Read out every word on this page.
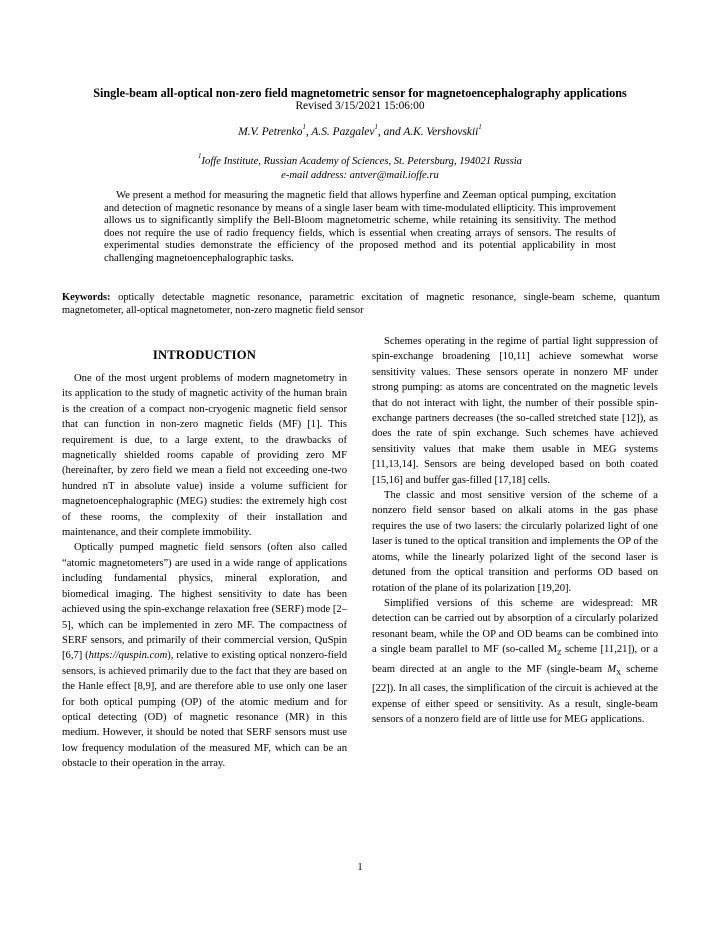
Single-beam all-optical non-zero field magnetometric sensor for magnetoencephalography applications
Revised 3/15/2021 15:06:00
M.V. Petrenko$^1$, A.S. Pazgalev$^1$, and A.K. Vershovskii$^1$
$^1$Ioffe Institute, Russian Academy of Sciences, St. Petersburg, 194021 Russia
e-mail address: antver@mail.ioffe.ru

We present a method for measuring the magnetic field that allows hyperfine and Zeeman optical pumping, excitation and detection of magnetic resonance by means of a single laser beam with time-modulated ellipticity. This improvement allows us to significantly simplify the Bell-Bloom magnetometric scheme, while retaining its sensitivity. The method does not require the use of radio frequency fields, which is essential when creating arrays of sensors. The results of experimental studies demonstrate the efficiency of the proposed method and its potential applicability in most challenging magnetoencephalographic tasks.

Keywords: optically detectable magnetic resonance, parametric excitation of magnetic resonance, single-beam scheme, quantum magnetometer, all-optical magnetometer, non-zero magnetic field sensor
INTRODUCTION

One of the most urgent problems of modern magnetometry in its application to the study of magnetic activity of the human brain is the creation of a compact non-cryogenic magnetic field sensor that can function in non-zero magnetic fields (MF) [1]. This requirement is due, to a large extent, to the drawbacks of magnetically shielded rooms capable of providing zero MF (hereinafter, by zero field we mean a field not exceeding one-two hundred nT in absolute value) inside a volume sufficient for magnetoencephalographic (MEG) studies: the extremely high cost of these rooms, the complexity of their installation and maintenance, and their complete immobility.

Optically pumped magnetic field sensors (often also called “atomic magnetometers”) are used in a wide range of applications including fundamental physics, mineral exploration, and biomedical imaging. The highest sensitivity to date has been achieved using the spin-exchange relaxation free (SERF) mode [2–5], which can be implemented in zero MF. The compactness of SERF sensors, and primarily of their commercial version, QuSpin [6,7] (https://quspin.com), relative to existing optical nonzero-field sensors, is achieved primarily due to the fact that they are based on the Hanle effect [8,9], and are therefore able to use only one laser for both optical pumping (OP) of the atomic medium and for optical detecting (OD) of magnetic resonance (MR) in this medium. However, it should be noted that SERF sensors must use low frequency modulation of the measured MF, which can be an obstacle to their operation in the array.

Schemes operating in the regime of partial light suppression of spin-exchange broadening [10,11] achieve somewhat worse sensitivity values. These sensors operate in nonzero MF under strong pumping: as atoms are concentrated on the magnetic levels that do not interact with light, the number of their possible spin-exchange partners decreases (the so-called stretched state [12]), as does the rate of spin exchange. Such schemes have achieved sensitivity values that make them usable in MEG systems [11,13,14]. Sensors are being developed based on both coated [15,16] and buffer gas-filled [17,18] cells.

The classic and most sensitive version of the scheme of a nonzero field sensor based on alkali atoms in the gas phase requires the use of two lasers: the circularly polarized light of one laser is tuned to the optical transition and implements the OP of the atoms, while the linearly polarized light of the second laser is detuned from the optical transition and performs OD based on rotation of the plane of its polarization [19,20].

Simplified versions of this scheme are widespread: MR detection can be carried out by absorption of a circularly polarized resonant beam, while the OP and OD beams can be combined into a single beam parallel to MF (so-called $M_Z$ scheme [11,21]), or a beam directed at an angle to the MF (single-beam $M_X$ scheme [22]). In all cases, the simplification of the circuit is achieved at the expense of either speed or sensitivity. As a result, single-beam sensors of a nonzero field are of little use for MEG applications.

1
